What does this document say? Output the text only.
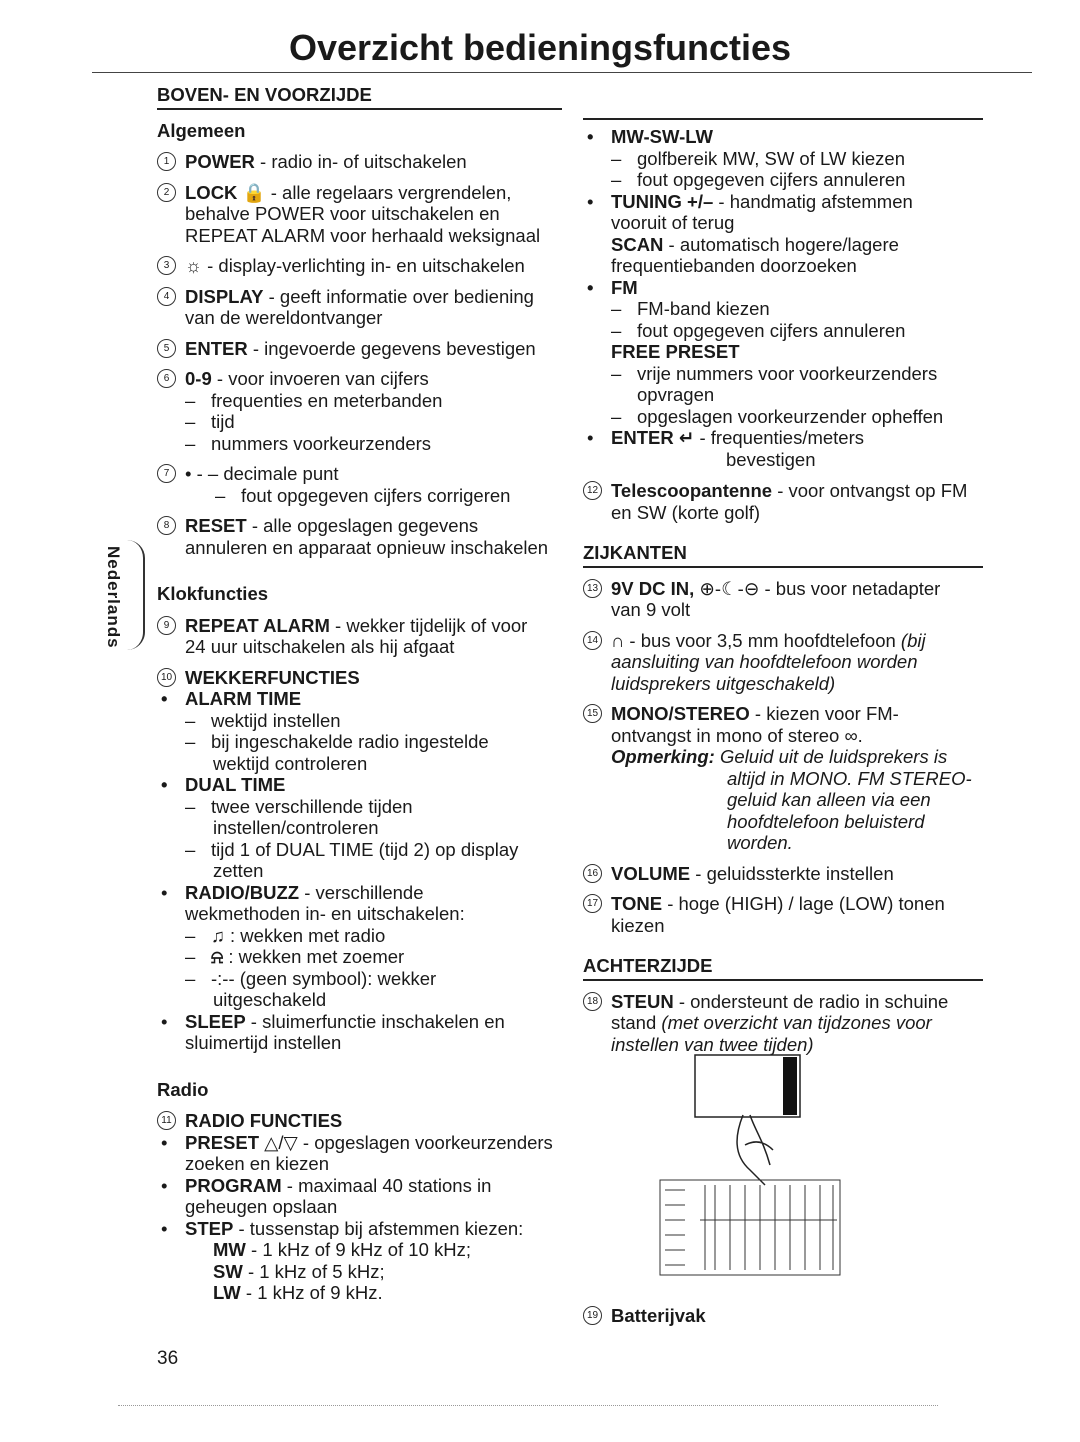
Overzicht bedieningsfuncties
Nederlands
BOVEN- EN VOORZIJDE
Algemeen
1 POWER - radio in- of uitschakelen
2 LOCK 🔒 - alle regelaars vergrendelen,
behalve POWER voor uitschakelen en
REPEAT ALARM voor herhaald weksignaal
3 ☼ - display-verlichting in- en uitschakelen
4 DISPLAY - geeft informatie over bediening
van de wereldontvanger
5 ENTER - ingevoerde gegevens bevestigen
6 0-9 - voor invoeren van cijfers
– frequenties en meterbanden
– tijd
– nummers voorkeurzenders
7 • - – decimale punt
– fout opgegeven cijfers corrigeren
8 RESET - alle opgeslagen gegevens
annuleren en apparaat opnieuw inschakelen
Klokfuncties
9 REPEAT ALARM - wekker tijdelijk of voor
24 uur uitschakelen als hij afgaat
10 WEKKERFUNCTIES
• ALARM TIME
– wektijd instellen
– bij ingeschakelde radio ingestelde
wektijd controleren
• DUAL TIME
– twee verschillende tijden
instellen/controleren
– tijd 1 of DUAL TIME (tijd 2) op display
zetten
• RADIO/BUZZ - verschillende
wekmethoden in- en uitschakelen:
– ♫ : wekken met radio
– ⍾ : wekken met zoemer
– -:-- (geen symbool): wekker
uitgeschakeld
• SLEEP - sluimerfunctie inschakelen en
sluimertijd instellen
Radio
11 RADIO FUNCTIES
• PRESET △/▽ - opgeslagen voorkeurzenders
zoeken en kiezen
• PROGRAM - maximaal 40 stations in
geheugen opslaan
• STEP - tussenstap bij afstemmen kiezen:
MW - 1 kHz of 9 kHz of 10 kHz;
SW - 1 kHz of 5 kHz;
LW - 1 kHz of 9 kHz.
• MW-SW-LW
– golfbereik MW, SW of LW kiezen
– fout opgegeven cijfers annuleren
• TUNING +/– - handmatig afstemmen
vooruit of terug
SCAN - automatisch hogere/lagere
frequentiebanden doorzoeken
• FM
– FM-band kiezen
– fout opgegeven cijfers annuleren
FREE PRESET
– vrije nummers voor voorkeurzenders
opvragen
– opgeslagen voorkeurzender opheffen
• ENTER ↵ - frequenties/meters
bevestigen
12 Telescoopantenne - voor ontvangst op FM
en SW (korte golf)
ZIJKANTEN
13 9V DC IN, ⊕-☾-⊖ - bus voor netadapter
van 9 volt
14 ∩ - bus voor 3,5 mm hoofdtelefoon (bij aansluiting van hoofdtelefoon worden luidsprekers uitgeschakeld)
15 MONO/STEREO - kiezen voor FM-
ontvangst in mono of stereo ∞.
Opmerking: Geluid uit de luidsprekers is
altijd in MONO. FM STEREO-
geluid kan alleen via een
hoofdtelefoon beluisterd
worden.
16 VOLUME - geluidssterkte instellen
17 TONE - hoge (HIGH) / lage (LOW) tonen
kiezen
ACHTERZIJDE
18 STEUN - ondersteunt de radio in schuine
stand (met overzicht van tijdzones voor instellen van twee tijden)
19 Batterijvak
36
